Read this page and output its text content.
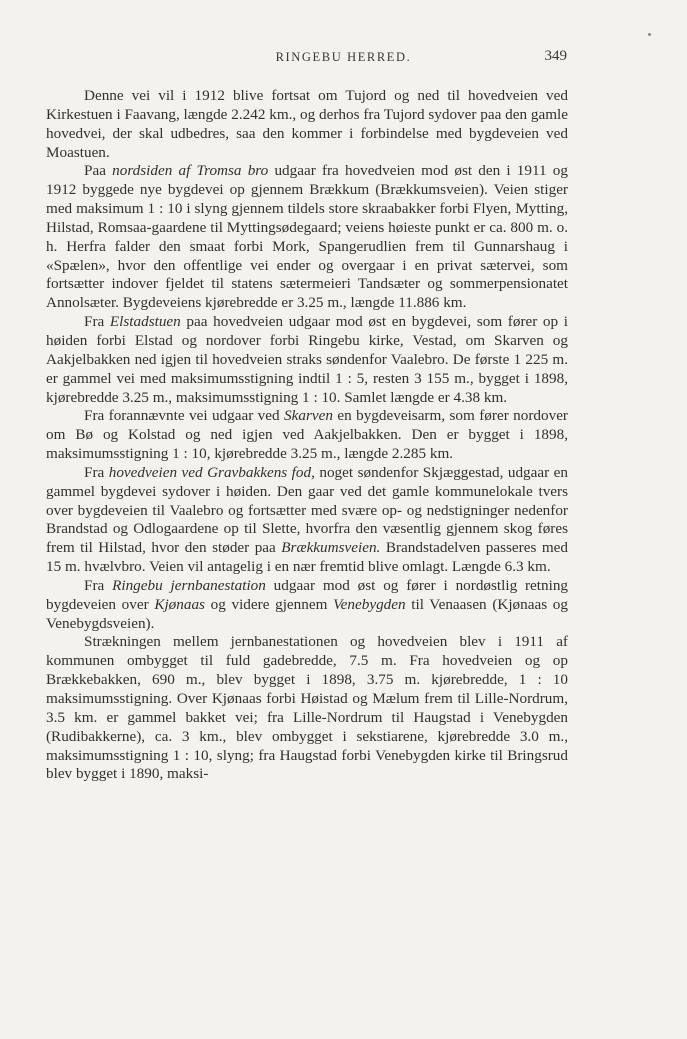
RINGEBU HERRED.	349

Denne vei vil i 1912 blive fortsat om Tujord og ned til hovedveien ved Kirkestuen i Faavang, længde 2.242 km., og derhos fra Tujord sydover paa den gamle hovedvei, der skal udbedres, saa den kommer i forbindelse med bygdeveien ved Moastuen.

Paa nordsiden af Tromsa bro udgaar fra hovedveien mod øst den i 1911 og 1912 byggede nye bygdevei op gjennem Brækkum (Brækkumsveien). Veien stiger med maksimum 1 : 10 i slyng gjennem tildels store skraabakker forbi Flyen, Mytting, Hilstad, Romsaa-gaardene til Myttingsødegaard; veiens høieste punkt er ca. 800 m. o. h. Herfra falder den smaat forbi Mork, Spangerudlien frem til Gunnarshaug i «Spælen», hvor den offentlige vei ender og overgaar i en privat sætervei, som fortsætter indover fjeldet til statens sætermeieri Tandsæter og sommerpensionatet Annolsæter. Bygdeveiens kjørebredde er 3.25 m., længde 11.886 km.

Fra Elstadstuen paa hovedveien udgaar mod øst en bygdevei, som fører op i høiden forbi Elstad og nordover forbi Ringebu kirke, Vestad, om Skarven og Aakjelbakken ned igjen til hovedveien straks søndenfor Vaalebro. De første 1 225 m. er gammel vei med maksimumsstigning indtil 1 : 5, resten 3 155 m., bygget i 1898, kjørebredde 3.25 m., maksimumsstigning 1 : 10. Samlet længde er 4.38 km.

Fra forannævnte vei udgaar ved Skarven en bygdeveisarm, som fører nordover om Bø og Kolstad og ned igjen ved Aakjelbakken. Den er bygget i 1898, maksimumsstigning 1 : 10, kjørebredde 3.25 m., længde 2.285 km.

Fra hovedveien ved Gravbakkens fod, noget søndenfor Skjæggestad, udgaar en gammel bygdevei sydover i høiden. Den gaar ved det gamle kommunelokale tvers over bygdeveien til Vaalebro og fortsætter med svære op- og nedstigninger nedenfor Brandstad og Odlogaardene op til Slette, hvorfra den væsentlig gjennem skog føres frem til Hilstad, hvor den støder paa Brækkumsveien. Brandstadelven passeres med 15 m. hvælvbro. Veien vil antagelig i en nær fremtid blive omlagt. Længde 6.3 km.

Fra Ringebu jernbanestation udgaar mod øst og fører i nordøstlig retning bygdeveien over Kjønaas og videre gjennem Venebygden til Venaasen (Kjønaas og Venebygdsveien).

Strækningen mellem jernbanestationen og hovedveien blev i 1911 af kommunen ombygget til fuld gadebredde, 7.5 m. Fra hovedveien og op Brækkebakken, 690 m., blev bygget i 1898, 3.75 m. kjørebredde, 1 : 10 maksimumsstigning. Over Kjønaas forbi Høistad og Mælum frem til Lille-Nordrum, 3.5 km. er gammel bakket vei; fra Lille-Nordrum til Haugstad i Venebygden (Rudibakkerne), ca. 3 km., blev ombygget i sekstiarene, kjørebredde 3.0 m., maksimumsstigning 1 : 10, slyng; fra Haugstad forbi Venebygden kirke til Bringsrud blev bygget i 1890, maksi-
